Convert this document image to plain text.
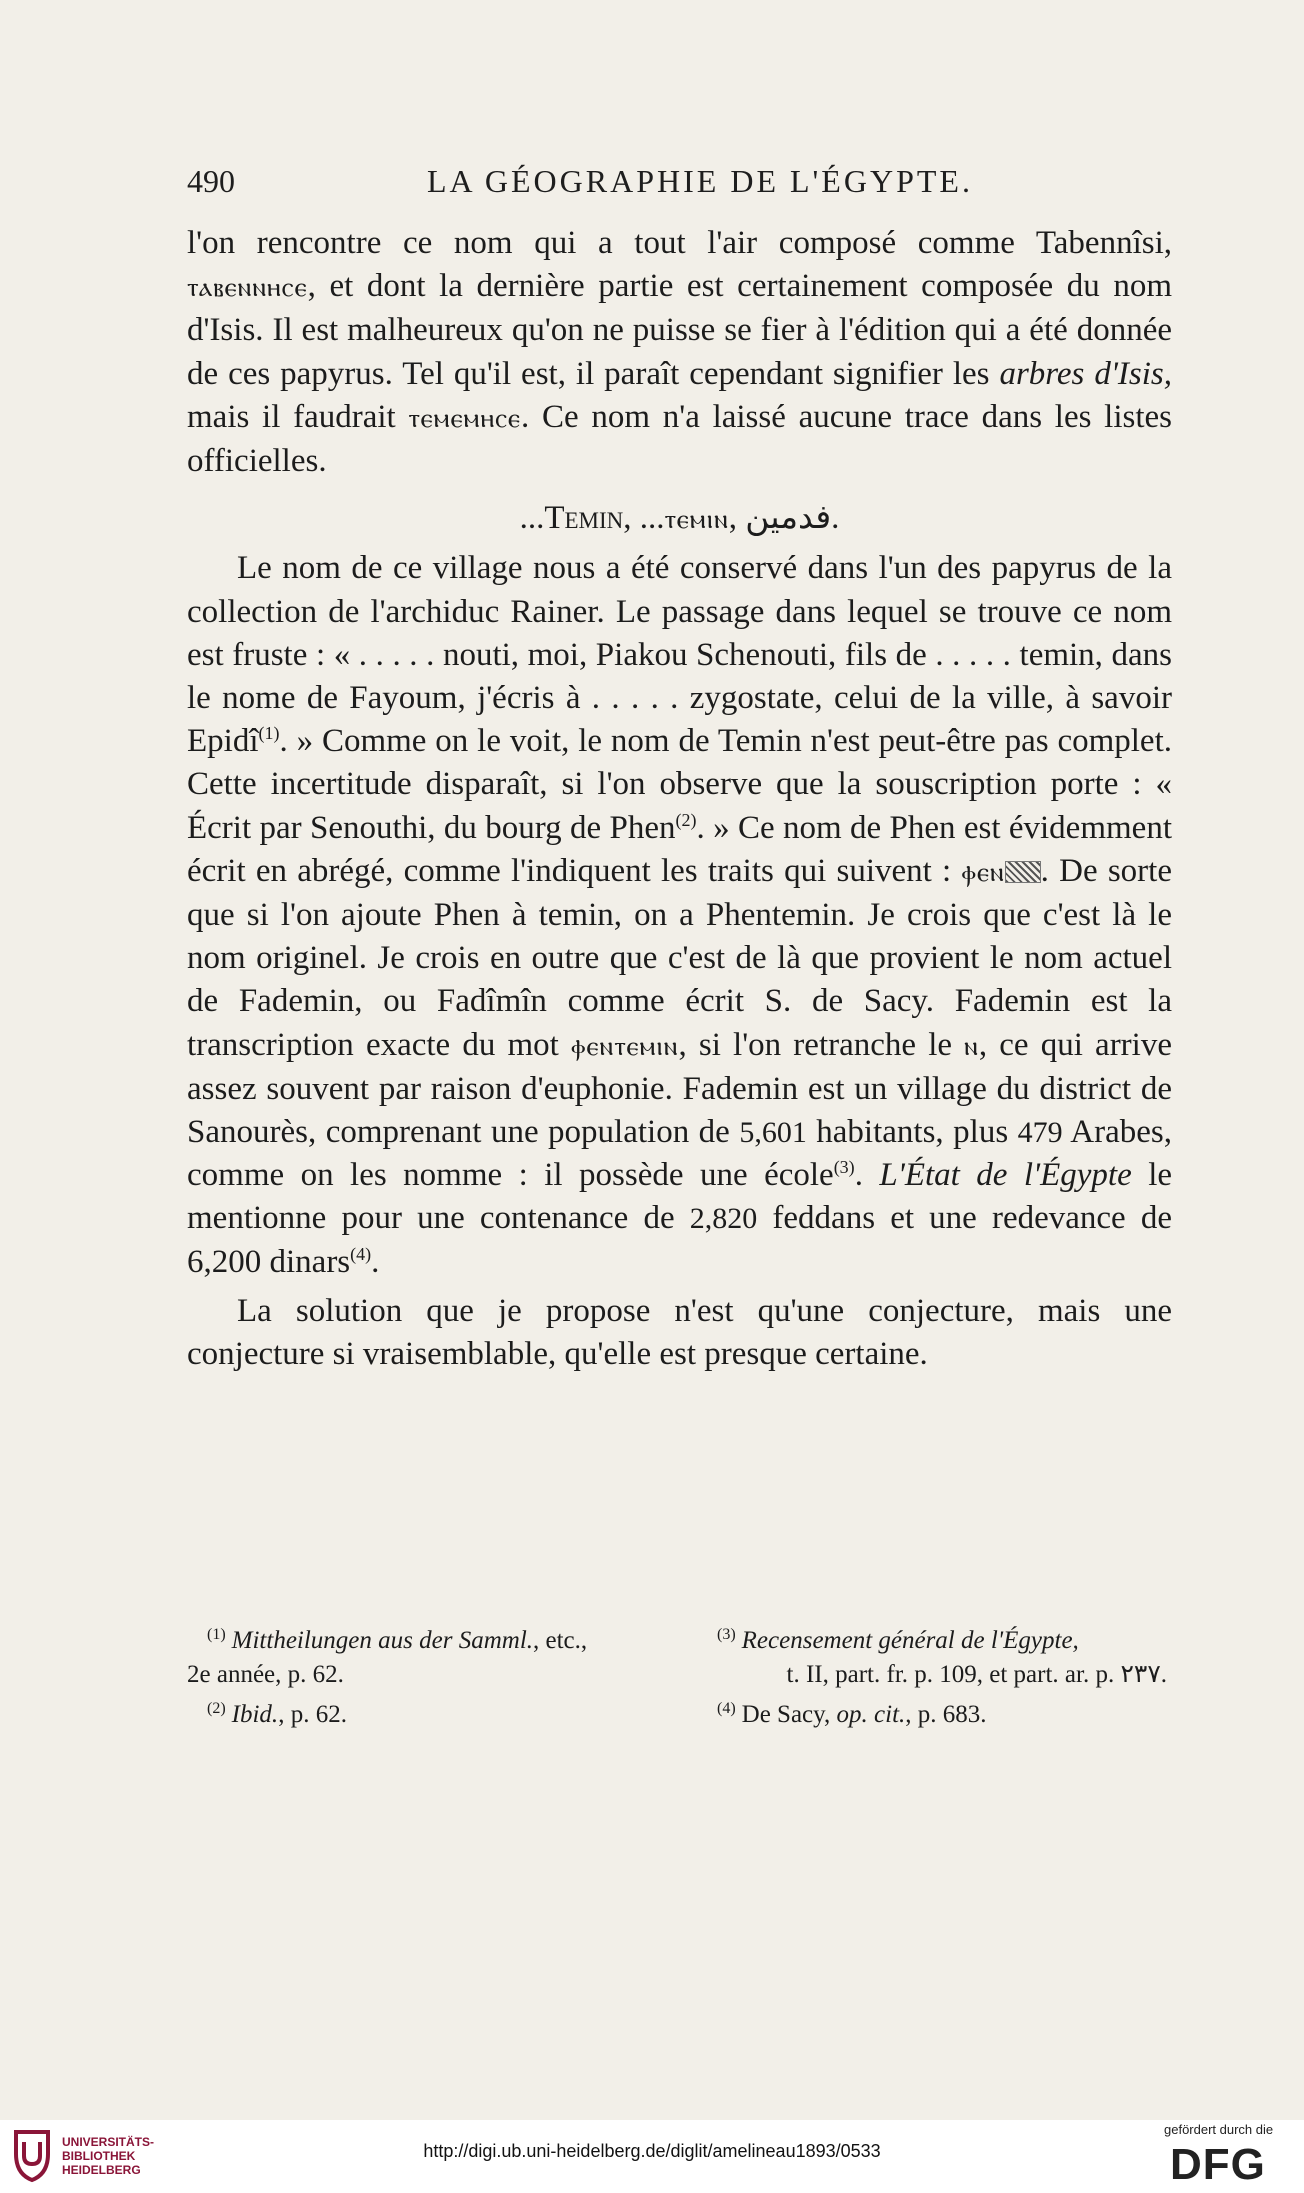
490	LA GÉOGRAPHIE DE L'ÉGYPTE.

l'on rencontre ce nom qui a tout l'air composé comme Tabennîsi, ⲧⲁⲃⲉⲛⲛⲏⲥⲉ, et dont la dernière partie est certainement composée du nom d'Isis. Il est malheureux qu'on ne puisse se fier à l'édition qui a été donnée de ces papyrus. Tel qu'il est, il paraît cependant signifier les arbres d'Isis, mais il faudrait ⲧⲉⲙⲉⲙⲏⲥⲉ. Ce nom n'a laissé aucune trace dans les listes officielles.

...Temin, ...ⲧⲉⲙⲓⲛ, فدمين.

Le nom de ce village nous a été conservé dans l'un des papyrus de la collection de l'archiduc Rainer. Le passage dans lequel se trouve ce nom est fruste : « . . . . . nouti, moi, Piakou Schenouti, fils de . . . . . temin, dans le nome de Fayoum, j'écris à . . . . . zygostate, celui de la ville, à savoir Epidî$^{(1)}$. » Comme on le voit, le nom de Temin n'est peut-être pas complet. Cette incertitude disparaît, si l'on observe que la souscription porte : « Écrit par Senouthi, du bourg de Phen$^{(2)}$. » Ce nom de Phen est évidemment écrit en abrégé, comme l'indiquent les traits qui suivent : ⲫⲉⲛ . De sorte que si l'on ajoute Phen à temin, on a Phentemin. Je crois que c'est là le nom originel. Je crois en outre que c'est de là que provient le nom actuel de Fademin, ou Fadîmîn comme écrit S. de Sacy. Fademin est la transcription exacte du mot ⲫⲉⲛⲧⲉⲙⲓⲛ, si l'on retranche le ⲛ, ce qui arrive assez souvent par raison d'euphonie. Fademin est un village du district de Sanourès, comprenant une population de 5,601 habitants, plus 479 Arabes, comme on les nomme : il possède une école$^{(3)}$. L'État de l'Égypte le mentionne pour une contenance de 2,820 feddans et une redevance de 6,200 dinars$^{(4)}$.

La solution que je propose n'est qu'une conjecture, mais une conjecture si vraisemblable, qu'elle est presque certaine.

$^{(1)}$ Mittheilungen aus der Samml., etc.,
2e année, p. 62.
$^{(2)}$ Ibid., p. 62.
$^{(3)}$ Recensement général de l'Égypte,
t. II, part. fr. p. 109, et part. ar. p. ۲۳۷.
$^{(4)}$ De Sacy, op. cit., p. 683.
UNIVERSITÄTS-
BIBLIOTHEK
HEIDELBERG
http://digi.ub.uni-heidelberg.de/diglit/amelineau1893/0533
gefördert durch die
DFG
